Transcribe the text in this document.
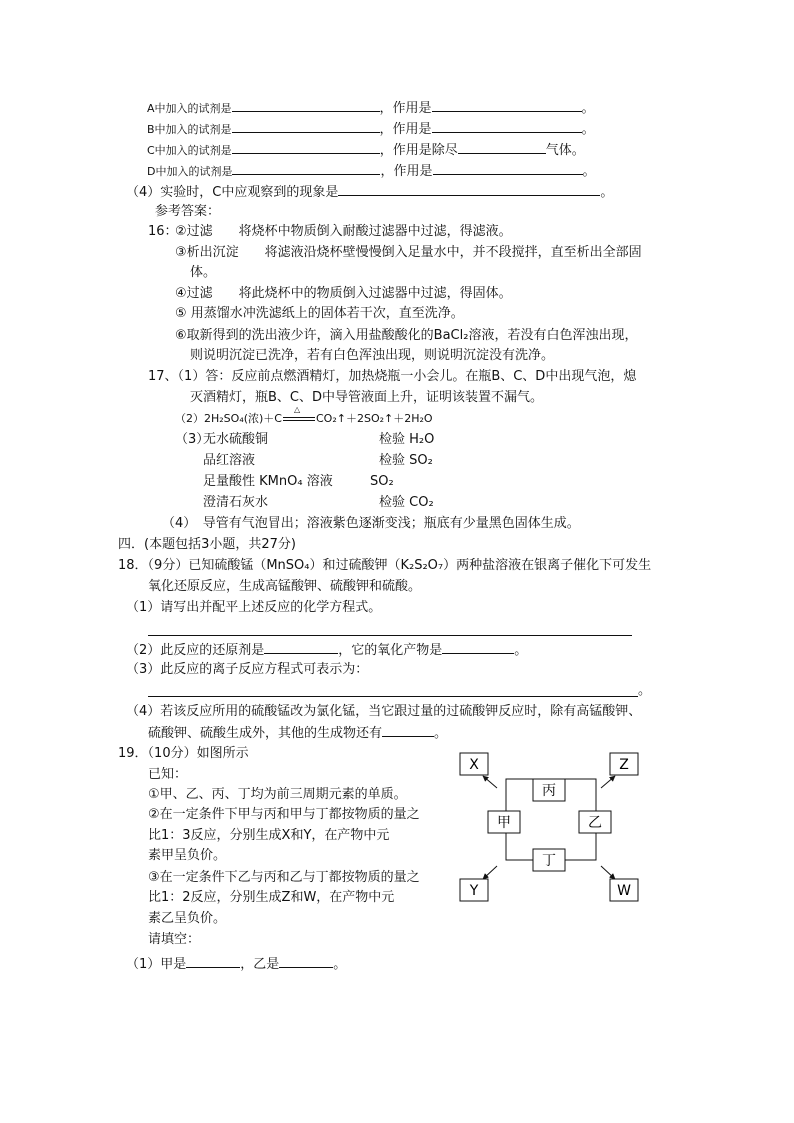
A中加入的试剂是	，作用是	。
B中加入的试剂是	，作用是	。
C中加入的试剂是	，作用是除尽	气体。
D中加入的试剂是	，作用是	。
（4）实验时，C中应观察到的现象是	。
参考答案：
16：
②过滤　　将烧杯中物质倒入耐酸过滤器中过滤，得滤液。
③析出沉淀　　将滤液沿烧杯壁慢慢倒入足量水中，并不段搅拌，直至析出全部固
体。
④过滤　　将此烧杯中的物质倒入过滤器中过滤，得固体。
⑤ 用蒸馏水冲洗滤纸上的固体若干次，直至洗净。
⑥取新得到的洗出液少许，滴入用盐酸酸化的BaCl₂溶液，若没有白色浑浊出现，
则说明沉淀已洗净，若有白色浑浊出现，则说明沉淀没有洗净。
17、（1）答：反应前点燃酒精灯，加热烧瓶一小会儿。在瓶B、C、D中出现气泡，熄
灭酒精灯，瓶B、C、D中导管液面上升，证明该装置不漏气。
（2）2H₂SO₄(浓)＋C
△
CO₂↑＋2SO₂↑＋2H₂O
（3）
无水硫酸铜	检验 H₂O
品红溶液	检验 SO₂
足量酸性 KMnO₄ 溶液	SO₂
澄清石灰水	检验 CO₂
（4）　导管有气泡冒出；溶液紫色逐渐变浅；瓶底有少量黑色固体生成。
四．(本题包括3小题，共27分)
18．（9分）已知硫酸锰（MnSO₄）和过硫酸钾（K₂S₂O₇）两种盐溶液在银离子催化下可发生
氧化还原反应，生成高锰酸钾、硫酸钾和硫酸。
（1）请写出并配平上述反应的化学方程式。
（2）此反应的还原剂是	，它的氧化产物是	。
（3）此反应的离子反应方程式可表示为：
。
（4）若该反应所用的硫酸锰改为氯化锰，当它跟过量的过硫酸钾反应时，除有高锰酸钾、
硫酸钾、硫酸生成外，其他的生成物还有	。
19．（10分）如图所示
已知：
①甲、乙、丙、丁均为前三周期元素的单质。
②在一定条件下甲与丙和甲与丁都按物质的量之
比1：3反应，分别生成X和Y，在产物中元
素甲呈负价。
③在一定条件下乙与丙和乙与丁都按物质的量之
比1：2反应，分别生成Z和W，在产物中元
素乙呈负价。
请填空：
（1）甲是	，乙是	。
X	Z
Y	W
丙
丁
甲	乙
